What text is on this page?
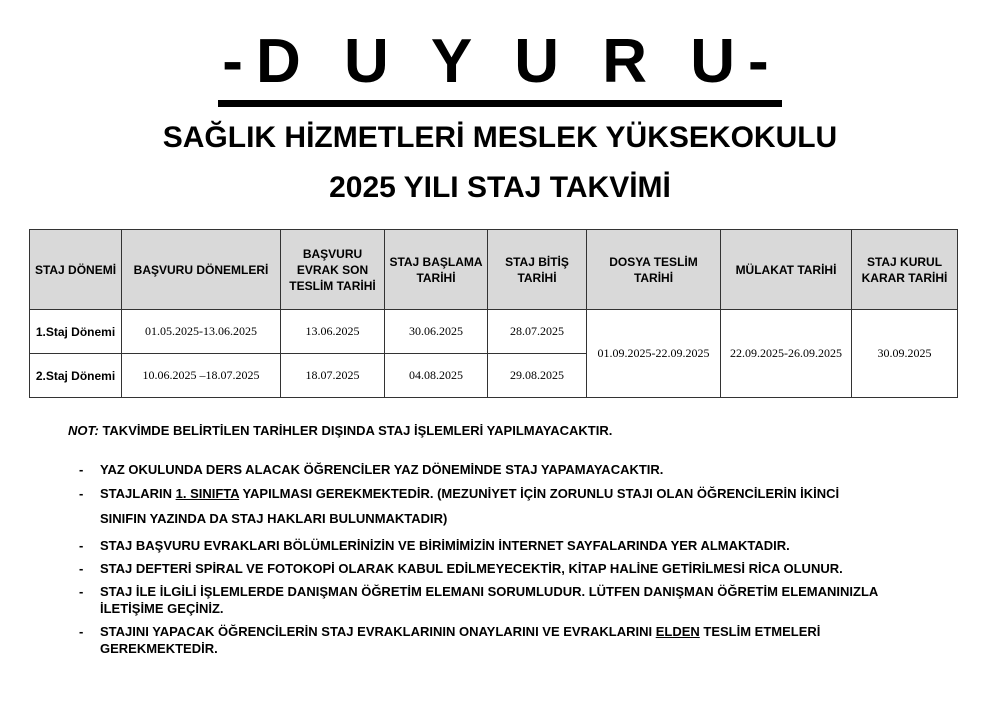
-D U Y U R U-
SAĞLIK HİZMETLERİ MESLEK YÜKSEKOKULU
2025 YILI STAJ TAKVİMİ
STAJ DÖNEMİ	BAŞVURU DÖNEMLERİ	BAŞVURU EVRAK SON TESLİM TARİHİ	STAJ BAŞLAMA TARİHİ	STAJ BİTİŞ TARİHİ	DOSYA TESLİM TARİHİ	MÜLAKAT TARİHİ	STAJ KURUL KARAR TARİHİ
1.Staj Dönemi	01.05.2025-13.06.2025	13.06.2025	30.06.2025	28.07.2025	01.09.2025-22.09.2025	22.09.2025-26.09.2025	30.09.2025
2.Staj Dönemi	10.06.2025 –18.07.2025	18.07.2025	04.08.2025	29.08.2025			
NOT: TAKVİMDE BELİRTİLEN TARİHLER DIŞINDA STAJ İŞLEMLERİ YAPILMAYACAKTIR.
- YAZ OKULUNDA DERS ALACAK ÖĞRENCİLER YAZ DÖNEMİNDE STAJ YAPAMAYACAKTIR.
- STAJLARIN 1. SINIFTA YAPILMASI GEREKMEKTEDİR. (MEZUNİYET İÇİN ZORUNLU STAJI OLAN ÖĞRENCİLERİN İKİNCİ
SINIFIN YAZINDA DA STAJ HAKLARI BULUNMAKTADIR)
- STAJ BAŞVURU EVRAKLARI BÖLÜMLERİNİZİN VE BİRİMİMİZİN İNTERNET SAYFALARINDA YER ALMAKTADIR.
- STAJ DEFTERİ SPİRAL VE FOTOKOPİ OLARAK KABUL EDİLMEYECEKTİR, KİTAP HALİNE GETİRİLMESİ RİCA OLUNUR.
- STAJ İLE İLGİLİ İŞLEMLERDE DANIŞMAN ÖĞRETİM ELEMANI SORUMLUDUR. LÜTFEN DANIŞMAN ÖĞRETİM ELEMANINIZLA
İLETİŞİME GEÇİNİZ.
- STAJINI YAPACAK ÖĞRENCİLERİN STAJ EVRAKLARININ ONAYLARINI VE EVRAKLARINI ELDEN TESLİM ETMELERİ
GEREKMEKTEDİR.
